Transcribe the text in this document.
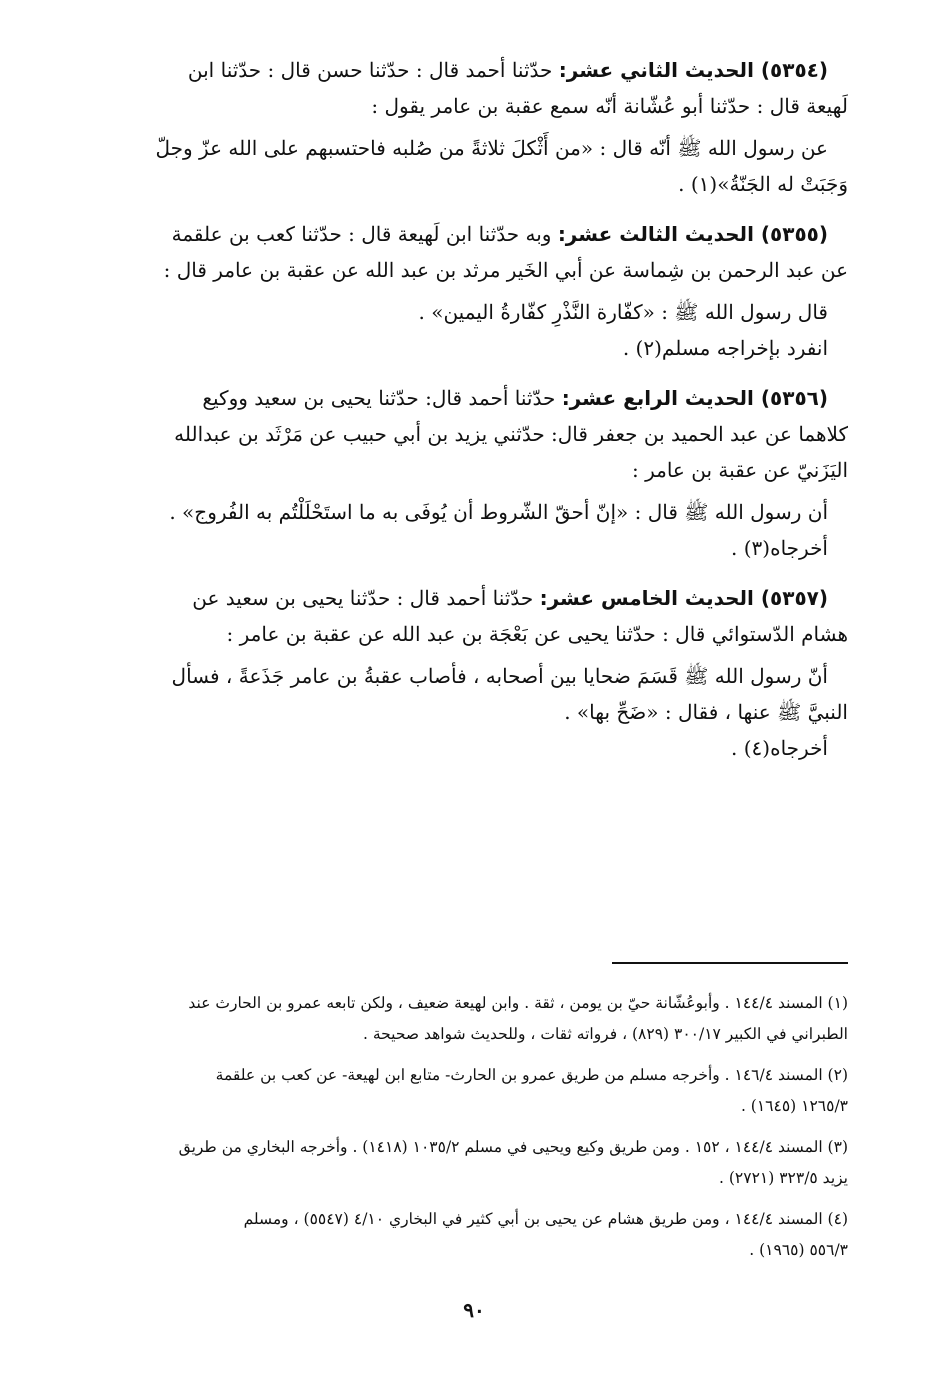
(٥٣٥٤) الحديث الثاني عشر: حدّثنا أحمد قال : حدّثنا حسن قال : حدّثنا ابن
لَهيعة قال : حدّثنا أبو عُشّانة أنّه سمع عقبة بن عامر يقول :
عن رسول الله ﷺ أنّه قال : «من أَثْكلَ ثلاثةً من صُلبه فاحتسبهم على الله عزّ وجلّ
وَجَبَتْ له الجَنّةُ»(١) .
(٥٣٥٥) الحديث الثالث عشر: وبه حدّثنا ابن لَهيعة قال : حدّثنا كعب بن علقمة
عن عبد الرحمن بن شِماسة عن أبي الخَير مرثد بن عبد الله عن عقبة بن عامر قال :
قال رسول الله ﷺ : «كفّارة النَّذْرِ كفّارةُ اليمين» .
انفرد بإخراجه مسلم(٢) .
(٥٣٥٦) الحديث الرابع عشر: حدّثنا أحمد قال: حدّثنا يحيى بن سعيد ووكيع
كلاهما عن عبد الحميد بن جعفر قال: حدّثني يزيد بن أبي حبيب عن مَرْثَد بن عبدالله
اليَزَنيّ عن عقبة بن عامر :
أن رسول الله ﷺ قال : «إنّ أحقّ الشّروط أن يُوفَى به ما استَحْلَلْتُم به الفُروج» .
أخرجاه(٣) .
(٥٣٥٧) الحديث الخامس عشر: حدّثنا أحمد قال : حدّثنا يحيى بن سعيد عن
هشام الدّستوائي قال : حدّثنا يحيى عن بَعْجَة بن عبد الله عن عقبة بن عامر :
أنّ رسول الله ﷺ قَسَمَ ضحايا بين أصحابه ، فأصاب عقبةُ بن عامر جَذَعةً ، فسأل
النبيَّ ﷺ عنها ، فقال : «ضَحِّ بها» .
أخرجاه(٤) .
(١) المسند ١٤٤/٤ . وأبوعُشّانة حيّ بن يومن ، ثقة . وابن لهيعة ضعيف ، ولكن تابعه عمرو بن الحارث عند
الطبراني في الكبير ٣٠٠/١٧ (٨٢٩) ، فرواته ثقات ، وللحديث شواهد صحيحة .
(٢) المسند ١٤٦/٤ . وأخرجه مسلم من طريق عمرو بن الحارث- متابع ابن لهيعة- عن كعب بن علقمة
١٢٦٥/٣ (١٦٤٥) .
(٣) المسند ١٤٤/٤ ، ١٥٢ . ومن طريق وكيع ويحيى في مسلم ١٠٣٥/٢ (١٤١٨) . وأخرجه البخاري من طريق
يزيد ٣٢٣/٥ (٢٧٢١) .
(٤) المسند ١٤٤/٤ ، ومن طريق هشام عن يحيى بن أبي كثير في البخاري ٤/١٠ (٥٥٤٧) ، ومسلم
٥٥٦/٣ (١٩٦٥) .
٩٠
